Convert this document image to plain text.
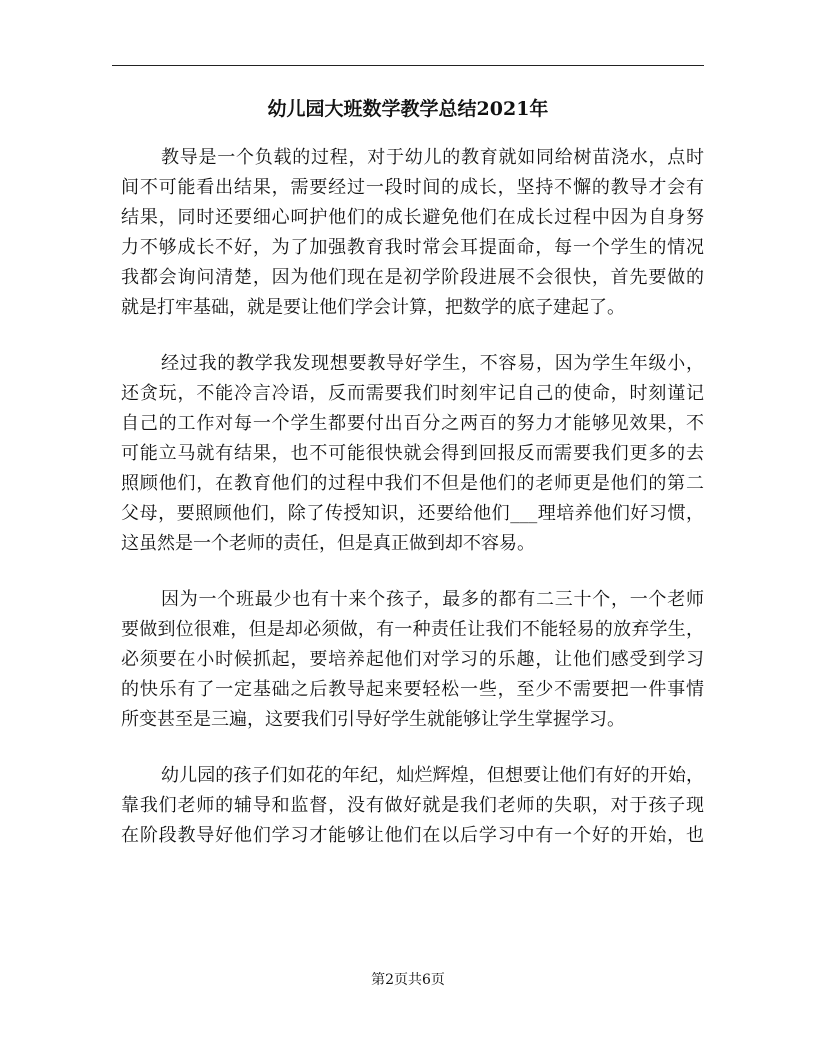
幼儿园大班数学教学总结2021年

教导是一个负载的过程，对于幼儿的教育就如同给树苗浇水，点时
间不可能看出结果，需要经过一段时间的成长，坚持不懈的教导才会有
结果，同时还要细心呵护他们的成长避免他们在成长过程中因为自身努
力不够成长不好，为了加强教育我时常会耳提面命，每一个学生的情况
我都会询问清楚，因为他们现在是初学阶段进展不会很快，首先要做的
就是打牢基础，就是要让他们学会计算，把数学的底子建起了。

经过我的教学我发现想要教导好学生，不容易，因为学生年级小，
还贪玩，不能冷言冷语，反而需要我们时刻牢记自己的使命，时刻谨记
自己的工作对每一个学生都要付出百分之两百的努力才能够见效果，不
可能立马就有结果，也不可能很快就会得到回报反而需要我们更多的去
照顾他们，在教育他们的过程中我们不但是他们的老师更是他们的第二
父母，要照顾他们，除了传授知识，还要给他们___理培养他们好习惯，
这虽然是一个老师的责任，但是真正做到却不容易。

因为一个班最少也有十来个孩子，最多的都有二三十个，一个老师
要做到位很难，但是却必须做，有一种责任让我们不能轻易的放弃学生，
必须要在小时候抓起，要培养起他们对学习的乐趣，让他们感受到学习
的快乐有了一定基础之后教导起来要轻松一些，至少不需要把一件事情
所变甚至是三遍，这要我们引导好学生就能够让学生掌握学习。

幼儿园的孩子们如花的年纪，灿烂辉煌，但想要让他们有好的开始，
靠我们老师的辅导和监督，没有做好就是我们老师的失职，对于孩子现
在阶段教导好他们学习才能够让他们在以后学习中有一个好的开始，也

第2页共6页
